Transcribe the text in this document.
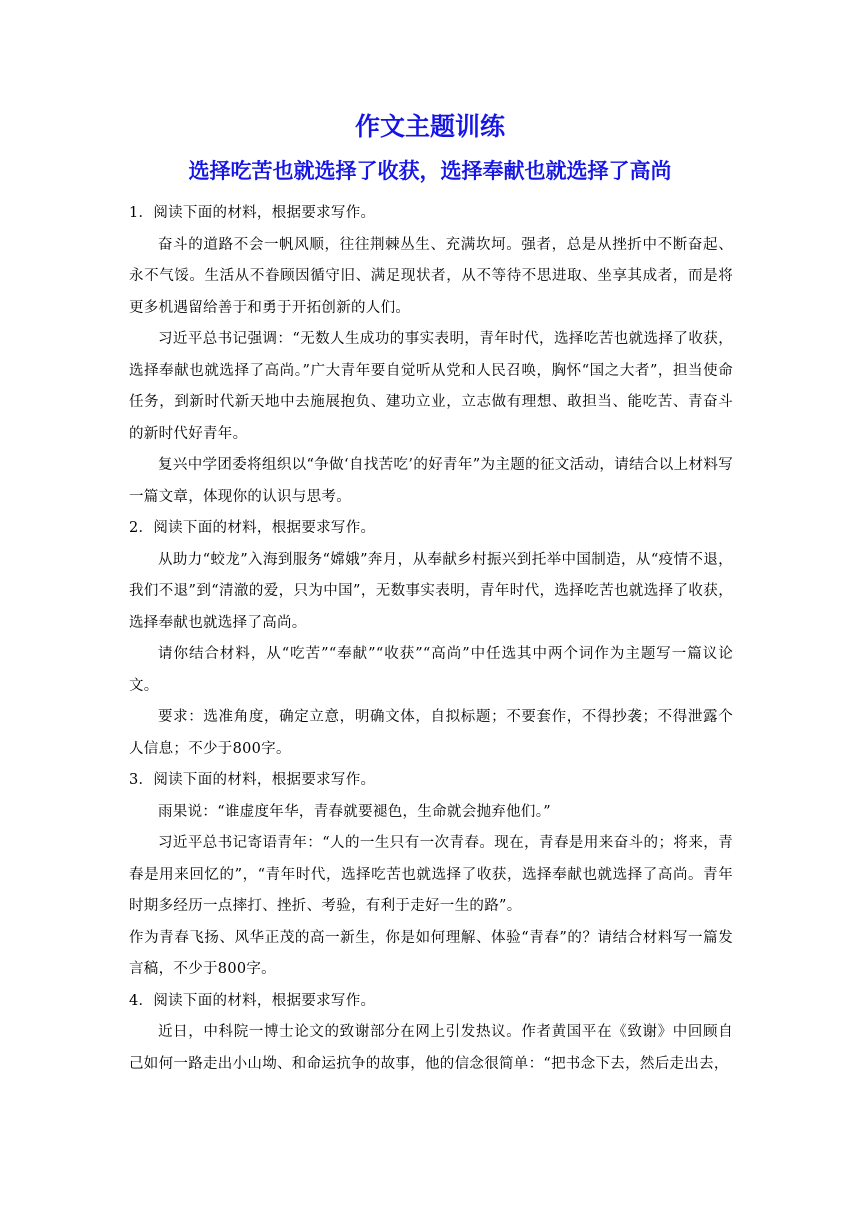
作文主题训练
选择吃苦也就选择了收获，选择奉献也就选择了高尚

1．阅读下面的材料，根据要求写作。

奋斗的道路不会一帆风顺，往往荆棘丛生、充满坎坷。强者，总是从挫折中不断奋起、永不气馁。生活从不眷顾因循守旧、满足现状者，从不等待不思进取、坐享其成者，而是将更多机遇留给善于和勇于开拓创新的人们。

习近平总书记强调：“无数人生成功的事实表明，青年时代，选择吃苦也就选择了收获，选择奉献也就选择了高尚。”广大青年要自觉听从党和人民召唤，胸怀“国之大者”，担当使命任务，到新时代新天地中去施展抱负、建功立业，立志做有理想、敢担当、能吃苦、青奋斗的新时代好青年。

复兴中学团委将组织以“争做‘自找苦吃’的好青年”为主题的征文活动，请结合以上材料写一篇文章，体现你的认识与思考。

2．阅读下面的材料，根据要求写作。

从助力“蛟龙”入海到服务“嫦娥”奔月，从奉献乡村振兴到托举中国制造，从“疫情不退，我们不退”到“清澈的爱，只为中国”，无数事实表明，青年时代，选择吃苦也就选择了收获，选择奉献也就选择了高尚。

请你结合材料，从“吃苦”“奉献”“收获”“高尚”中任选其中两个词作为主题写一篇议论文。

要求：选准角度，确定立意，明确文体，自拟标题；不要套作，不得抄袭；不得泄露个人信息；不少于800字。

3．阅读下面的材料，根据要求写作。

雨果说：“谁虚度年华，青春就要褪色，生命就会抛弃他们。”

习近平总书记寄语青年：“人的一生只有一次青春。现在，青春是用来奋斗的；将来，青春是用来回忆的”，“青年时代，选择吃苦也就选择了收获，选择奉献也就选择了高尚。青年时期多经历一点摔打、挫折、考验，有利于走好一生的路”。

作为青春飞扬、风华正茂的高一新生，你是如何理解、体验“青春”的？请结合材料写一篇发言稿，不少于800字。

4．阅读下面的材料，根据要求写作。

近日，中科院一博士论文的致谢部分在网上引发热议。作者黄国平在《致谢》中回顾自己如何一路走出小山坳、和命运抗争的故事，他的信念很简单：“把书念下去，然后走出去，
